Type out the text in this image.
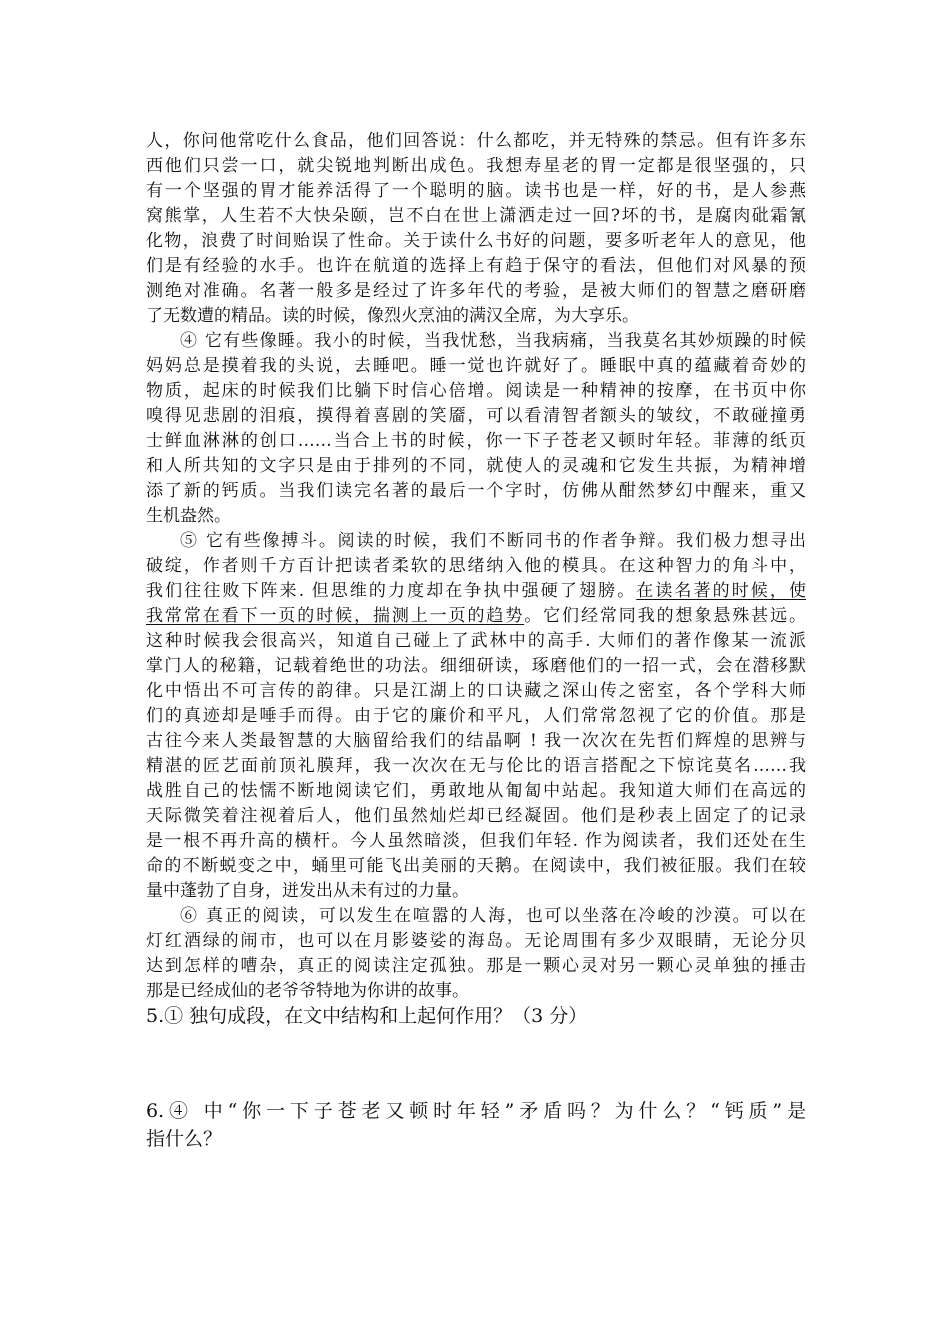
人，你问他常吃什么食品，他们回答说：什么都吃，并无特殊的禁忌。但有许多东
西他们只尝一口，就尖锐地判断出成色。我想寿星老的胃一定都是很坚强的，只
有一个坚强的胃才能养活得了一个聪明的脑。读书也是一样，好的书，是人参燕
窝熊掌，人生若不大快朵颐，岂不白在世上潇洒走过一回?坏的书，是腐肉砒霜氰
化物，浪费了时间贻误了性命。关于读什么书好的问题，要多听老年人的意见，他
们是有经验的水手。也许在航道的选择上有趋于保守的看法，但他们对风暴的预
测绝对准确。名著一般多是经过了许多年代的考验，是被大师们的智慧之磨研磨
了无数遭的精品。读的时候，像烈火烹油的满汉全席，为大享乐。
④ 它有些像睡。我小的时候，当我忧愁，当我病痛，当我莫名其妙烦躁的时候
妈妈总是摸着我的头说，去睡吧。睡一觉也许就好了。睡眠中真的蕴藏着奇妙的
物质，起床的时候我们比躺下时信心倍增。阅读是一种精神的按摩，在书页中你
嗅得见悲剧的泪痕，摸得着喜剧的笑靥，可以看清智者额头的皱纹，不敢碰撞勇
士鲜血淋淋的创口……当合上书的时候，你一下子苍老又顿时年轻。菲薄的纸页
和人所共知的文字只是由于排列的不同，就使人的灵魂和它发生共振，为精神增
添了新的钙质。当我们读完名著的最后一个字时，仿佛从酣然梦幻中醒来，重又
生机盎然。
⑤ 它有些像搏斗。阅读的时候，我们不断同书的作者争辩。我们极力想寻出
破绽，作者则千方百计把读者柔软的思绪纳入他的模具。在这种智力的角斗中，
我们往往败下阵来. 但思维的力度却在争执中强硬了翅膀。在读名著的时候，使
我常常在看下一页的时候，揣测上一页的趋势。它们经常同我的想象悬殊甚远。
这种时候我会很高兴，知道自己碰上了武林中的高手. 大师们的著作像某一流派
掌门人的秘籍，记载着绝世的功法。细细研读，琢磨他们的一招一式，会在潜移默
化中悟出不可言传的韵律。只是江湖上的口诀藏之深山传之密室，各个学科大师
们的真迹却是唾手而得。由于它的廉价和平凡，人们常常忽视了它的价值。那是
古往今来人类最智慧的大脑留给我们的结晶啊 ! 我一次次在先哲们辉煌的思辨与
精湛的匠艺面前顶礼膜拜，我一次次在无与伦比的语言搭配之下惊诧莫名……我
战胜自己的怯懦不断地阅读它们，勇敢地从匍匐中站起。我知道大师们在高远的
天际微笑着注视着后人，他们虽然灿烂却已经凝固。他们是秒表上固定了的记录
是一根不再升高的横杆。今人虽然暗淡，但我们年轻. 作为阅读者，我们还处在生
命的不断蜕变之中，蛹里可能飞出美丽的天鹅。在阅读中，我们被征服。我们在较
量中蓬勃了自身，迸发出从未有过的力量。
⑥ 真正的阅读，可以发生在喧嚣的人海，也可以坐落在冷峻的沙漠。可以在
灯红酒绿的闹市，也可以在月影婆娑的海岛。无论周围有多少双眼睛，无论分贝
达到怎样的嘈杂，真正的阅读注定孤独。那是一颗心灵对另一颗心灵单独的捶击
那是已经成仙的老爷爷特地为你讲的故事。
5.① 独句成段，在文中结构和上起何作用？（3 分）
6.④ 中“你一下子苍老又顿时年轻”矛盾吗？为什么？“钙质”是
指什么？
